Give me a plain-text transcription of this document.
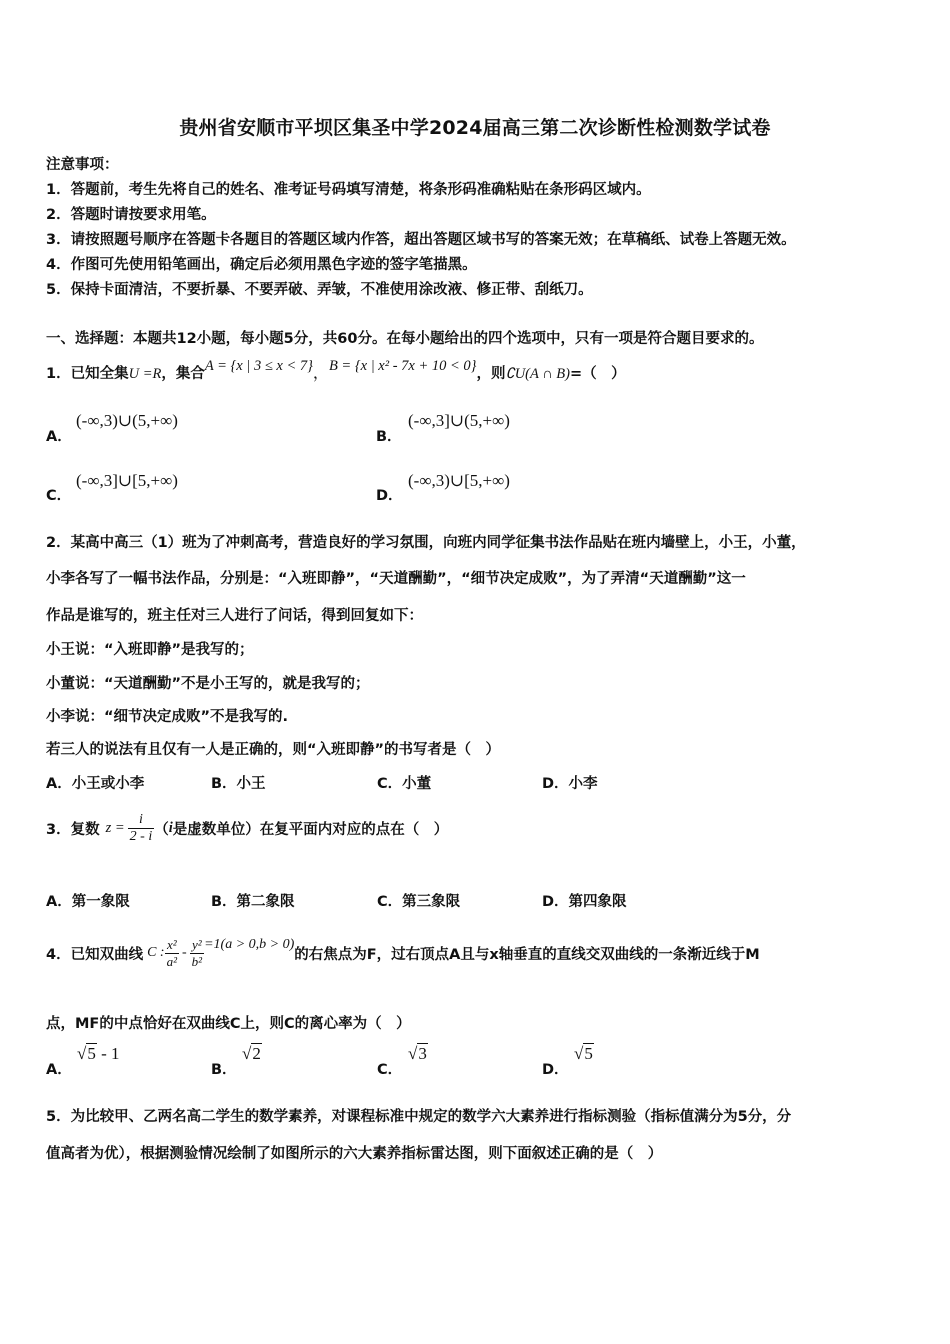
贵州省安顺市平坝区集圣中学2024届高三第二次诊断性检测数学试卷
注意事项：
1．答题前，考生先将自己的姓名、准考证号码填写清楚，将条形码准确粘贴在条形码区域内。
2．答题时请按要求用笔。
3．请按照题号顺序在答题卡各题目的答题区域内作答，超出答题区域书写的答案无效；在草稿纸、试卷上答题无效。
4．作图可先使用铅笔画出，确定后必须用黑色字迹的签字笔描黑。
5．保持卡面清洁，不要折暴、不要弄破、弄皱，不准使用涂改液、修正带、刮纸刀。
一、选择题：本题共12小题，每小题5分，共60分。在每小题给出的四个选项中，只有一项是符合题目要求的。
1．已知全集U =R，集合A = {x | 3 ≤ x < 7}，B = {x | x² - 7x + 10 < 0}，则∁U(A ∩ B)=（　）
A．
(-∞,3)∪(5,+∞)
B．
(-∞,3]∪(5,+∞)
C．
(-∞,3]∪[5,+∞)
D．
(-∞,3)∪[5,+∞)
2．某高中高三（1）班为了冲刺高考，营造良好的学习氛围，向班内同学征集书法作品贴在班内墙壁上，小王，小董，
小李各写了一幅书法作品，分别是：“入班即静”，“天道酬勤”，“细节决定成败”，为了弄清“天道酬勤”这一
作品是谁写的，班主任对三人进行了问话，得到回复如下：
小王说：“入班即静”是我写的；
小董说：“天道酬勤”不是小王写的，就是我写的；
小李说：“细节决定成败”不是我写的.
若三人的说法有且仅有一人是正确的，则“入班即静”的书写者是（　）
A．小王或小李	B．小王	C．小董	D．小李
3．复数 $z = \frac{i}{2 - i}$ （ i 是虚数单位）在复平面内对应的点在（　）
A．第一象限	B．第二象限	C．第三象限	D．第四象限
4．已知双曲线 C : $\frac{\text{x²}}{\text{a²}} - \frac{\text{y²}}{\text{b²}} =1(a > 0,b > 0)$
的右焦点为F，过右顶点A且与x轴垂直的直线交双曲线的一条渐近线于M
点，MF的中点恰好在双曲线C上，则C的离心率为（　）
A．
√5 - 1
B．
√2
C．
√3
D．
√5
5．为比较甲、乙两名高二学生的数学素养，对课程标准中规定的数学六大素养进行指标测验（指标值满分为5分，分
值高者为优），根据测验情况绘制了如图所示的六大素养指标雷达图，则下面叙述正确的是（　）
